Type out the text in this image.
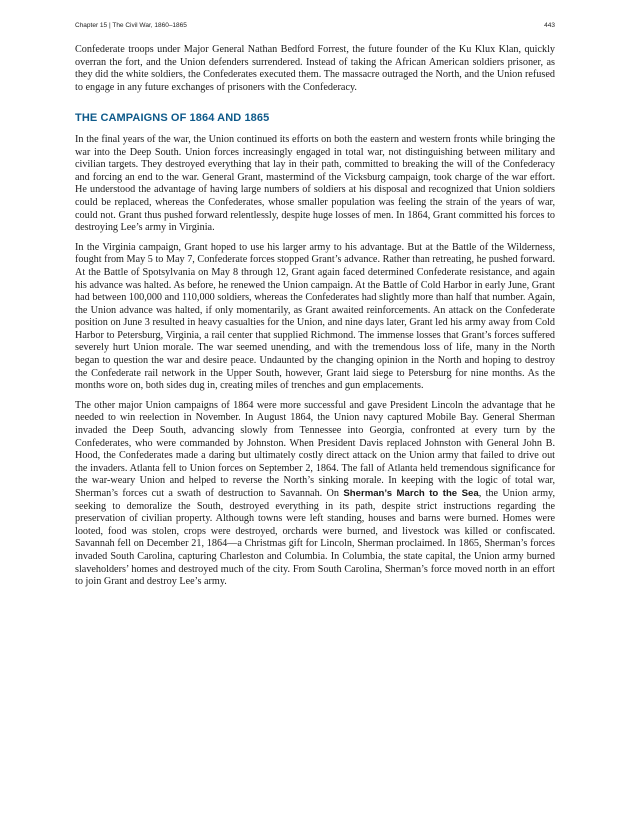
Chapter 15 | The Civil War, 1860–1865	443

Confederate troops under Major General Nathan Bedford Forrest, the future founder of the Ku Klux Klan, quickly overran the fort, and the Union defenders surrendered. Instead of taking the African American soldiers prisoner, as they did the white soldiers, the Confederates executed them. The massacre outraged the North, and the Union refused to engage in any future exchanges of prisoners with the Confederacy.

THE CAMPAIGNS OF 1864 AND 1865

In the final years of the war, the Union continued its efforts on both the eastern and western fronts while bringing the war into the Deep South. Union forces increasingly engaged in total war, not distinguishing between military and civilian targets. They destroyed everything that lay in their path, committed to breaking the will of the Confederacy and forcing an end to the war. General Grant, mastermind of the Vicksburg campaign, took charge of the war effort. He understood the advantage of having large numbers of soldiers at his disposal and recognized that Union soldiers could be replaced, whereas the Confederates, whose smaller population was feeling the strain of the years of war, could not. Grant thus pushed forward relentlessly, despite huge losses of men. In 1864, Grant committed his forces to destroying Lee’s army in Virginia.

In the Virginia campaign, Grant hoped to use his larger army to his advantage. But at the Battle of the Wilderness, fought from May 5 to May 7, Confederate forces stopped Grant’s advance. Rather than retreating, he pushed forward. At the Battle of Spotsylvania on May 8 through 12, Grant again faced determined Confederate resistance, and again his advance was halted. As before, he renewed the Union campaign. At the Battle of Cold Harbor in early June, Grant had between 100,000 and 110,000 soldiers, whereas the Confederates had slightly more than half that number. Again, the Union advance was halted, if only momentarily, as Grant awaited reinforcements. An attack on the Confederate position on June 3 resulted in heavy casualties for the Union, and nine days later, Grant led his army away from Cold Harbor to Petersburg, Virginia, a rail center that supplied Richmond. The immense losses that Grant’s forces suffered severely hurt Union morale. The war seemed unending, and with the tremendous loss of life, many in the North began to question the war and desire peace. Undaunted by the changing opinion in the North and hoping to destroy the Confederate rail network in the Upper South, however, Grant laid siege to Petersburg for nine months. As the months wore on, both sides dug in, creating miles of trenches and gun emplacements.

The other major Union campaigns of 1864 were more successful and gave President Lincoln the advantage that he needed to win reelection in November. In August 1864, the Union navy captured Mobile Bay. General Sherman invaded the Deep South, advancing slowly from Tennessee into Georgia, confronted at every turn by the Confederates, who were commanded by Johnston. When President Davis replaced Johnston with General John B. Hood, the Confederates made a daring but ultimately costly direct attack on the Union army that failed to drive out the invaders. Atlanta fell to Union forces on September 2, 1864. The fall of Atlanta held tremendous significance for the war-weary Union and helped to reverse the North’s sinking morale. In keeping with the logic of total war, Sherman’s forces cut a swath of destruction to Savannah. On Sherman’s March to the Sea, the Union army, seeking to demoralize the South, destroyed everything in its path, despite strict instructions regarding the preservation of civilian property. Although towns were left standing, houses and barns were burned. Homes were looted, food was stolen, crops were destroyed, orchards were burned, and livestock was killed or confiscated. Savannah fell on December 21, 1864—a Christmas gift for Lincoln, Sherman proclaimed. In 1865, Sherman’s forces invaded South Carolina, capturing Charleston and Columbia. In Columbia, the state capital, the Union army burned slaveholders’ homes and destroyed much of the city. From South Carolina, Sherman’s force moved north in an effort to join Grant and destroy Lee’s army.
